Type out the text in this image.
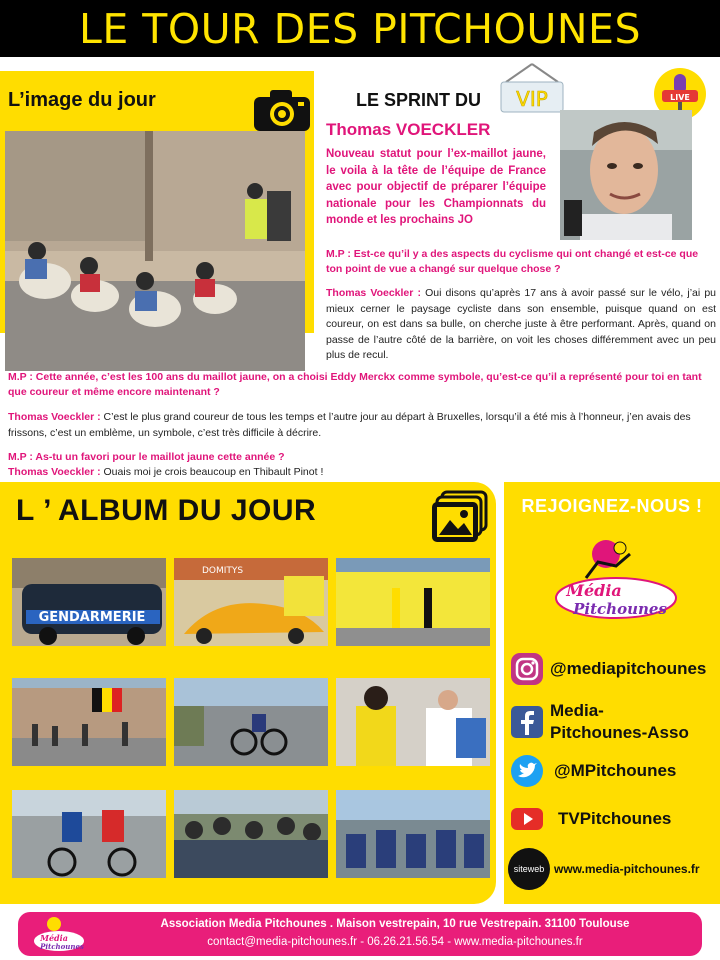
LE TOUR DES PITCHOUNES
L’image du jour	LE SPRINT DU VIP	LIVE
Thomas VOECKLER
Nouveau statut pour l’ex-maillot jaune, le voila à la tête de l’équipe de France avec pour objectif de préparer l’équipe nationale pour les Championnats du monde et les prochains JO
M.P : Est-ce qu’il y a des aspects du cyclisme qui ont changé et est-ce que ton point de vue a changé sur quelque chose ?
Thomas Voeckler : Oui disons qu’après 17 ans à avoir passé sur le vélo, j’ai pu mieux cerner le paysage cycliste dans son ensemble, puisque quand on est coureur, on est dans sa bulle, on cherche juste à être performant. Après, quand on passe de l’autre côté de la barrière, on voit les choses différemment avec un peu plus de recul.
M.P : Cette année, c’est les 100 ans du maillot jaune, on a choisi Eddy Merckx comme symbole, qu’est-ce qu’il a représenté pour toi en tant que coureur et même encore maintenant ?
Thomas Voeckler : C’est le plus grand coureur de tous les temps et l’autre jour au départ à Bruxelles, lorsqu’il a été mis à l’honneur, j’en avais des frissons, c’est un emblème, un symbole, c’est très difficile à décrire.
M.P : As-tu un favori pour le maillot jaune cette année ?
Thomas Voeckler : Ouais moi je crois beaucoup en Thibault Pinot !
L ’ ALBUM DU JOUR
GENDARMERIE
DOMITYS
REJOIGNEZ-NOUS !
Média
Pitchounes
@mediapitchounes
Media-Pitchounes-Asso
@MPitchounes
TVPitchounes
siteweb www.media-pitchounes.fr
Média
Pitchounes
Association Media Pitchounes . Maison vestrepain, 10 rue Vestrepain. 31100 Toulouse
contact@media-pitchounes.fr - 06.26.21.56.54 - www.media-pitchounes.fr
